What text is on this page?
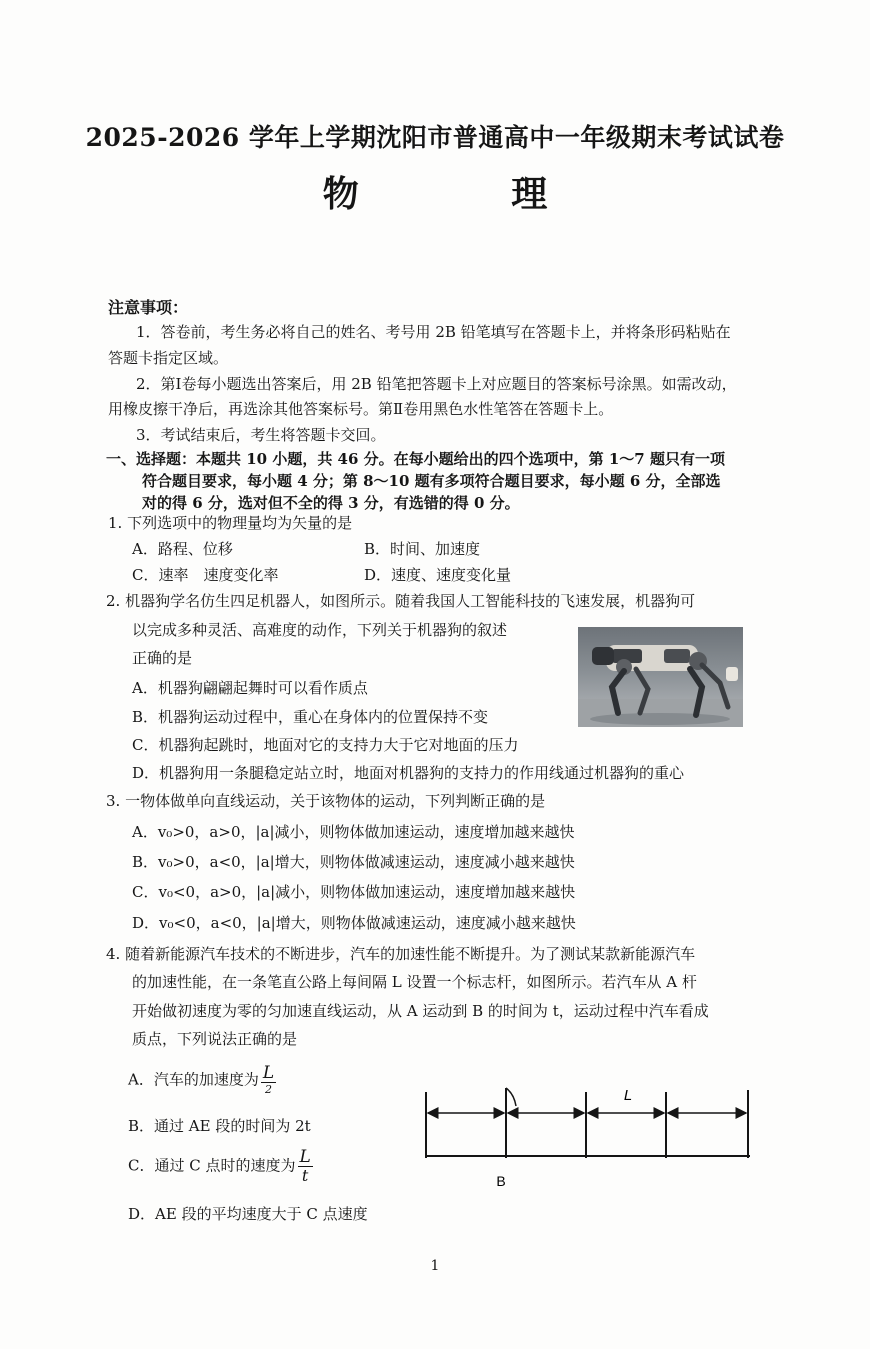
2025-2026 学年上学期沈阳市普通高中一年级期末考试试卷
物 理
注意事项：
1．答卷前，考生务必将自己的姓名、考号用 2B 铅笔填写在答题卡上，并将条形码粘贴在
答题卡指定区域。
2．第Ⅰ卷每小题选出答案后，用 2B 铅笔把答题卡上对应题目的答案标号涂黑。如需改动，
用橡皮擦干净后，再选涂其他答案标号。第Ⅱ卷用黑色水性笔答在答题卡上。
3．考试结束后，考生将答题卡交回。
一、选择题：本题共 10 小题，共 46 分。在每小题给出的四个选项中，第 1～7 题只有一项
符合题目要求，每小题 4 分；第 8～10 题有多项符合题目要求，每小题 6 分，全部选
对的得 6 分，选对但不全的得 3 分，有选错的得 0 分。
1. 下列选项中的物理量均为矢量的是
A．路程、位移	B．时间、加速度
C．速率　速度变化率	D．速度、速度变化量
2. 机器狗学名仿生四足机器人，如图所示。随着我国人工智能科技的飞速发展，机器狗可
以完成多种灵活、高难度的动作，下列关于机器狗的叙述
正确的是
A．机器狗翩翩起舞时可以看作质点
B．机器狗运动过程中，重心在身体内的位置保持不变
C．机器狗起跳时，地面对它的支持力大于它对地面的压力
D．机器狗用一条腿稳定站立时，地面对机器狗的支持力的作用线通过机器狗的重心
3. 一物体做单向直线运动，关于该物体的运动，下列判断正确的是
A．v₀>0，a>0，|a|减小，则物体做加速运动，速度增加越来越快
B．v₀>0，a<0，|a|增大，则物体做减速运动，速度减小越来越快
C．v₀<0，a>0，|a|减小，则物体做加速运动，速度增加越来越快
D．v₀<0，a<0，|a|增大，则物体做减速运动，速度减小越来越快
4. 随着新能源汽车技术的不断进步，汽车的加速性能不断提升。为了测试某款新能源汽车
的加速性能，在一条笔直公路上每间隔 L 设置一个标志杆，如图所示。若汽车从 A 杆
开始做初速度为零的匀加速直线运动，从 A 运动到 B 的时间为 t，运动过程中汽车看成
质点，下列说法正确的是
A．汽车的加速度为 $\frac{L}{2}$
B．通过 AE 段的时间为 2t
C．通过 C 点时的速度为 $\frac{L}{t}$
D．AE 段的平均速度大于 C 点速度
L
B
1
